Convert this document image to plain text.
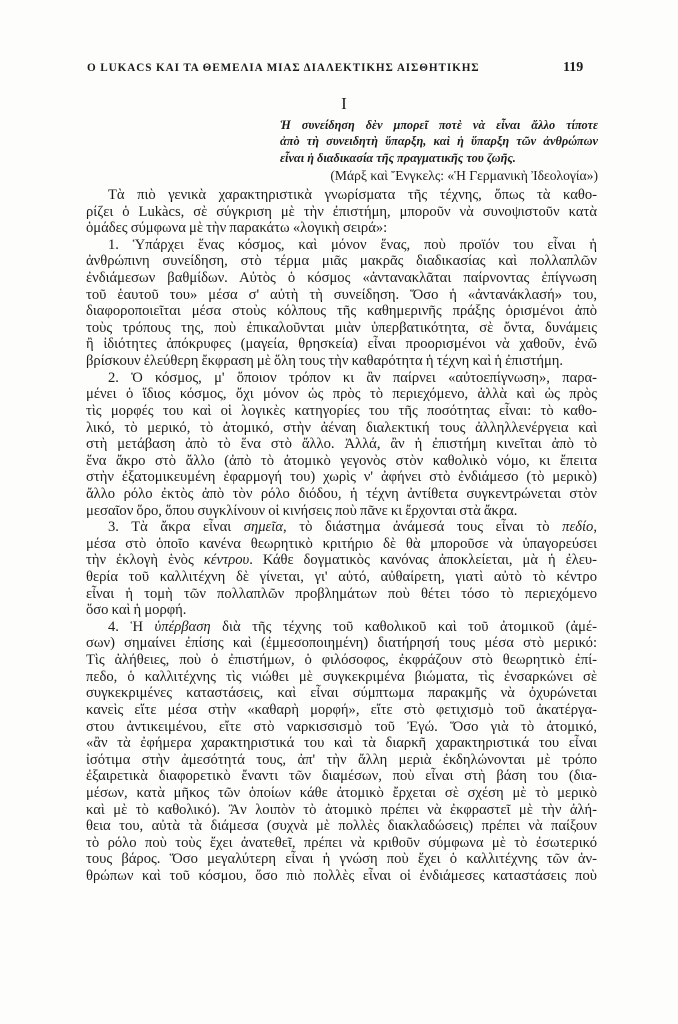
Ο LUKACS ΚΑΙ ΤΑ ΘΕΜΕΛΙΑ ΜΙΑΣ ΔΙΑΛΕΚΤΙΚΗΣ ΑΙΣΘΗΤΙΚΗΣ	119
I
Ἡ συνείδηση δὲν μπορεῖ ποτὲ νὰ εἶναι ἄλλο τίποτε
ἀπὸ τὴ συνειδητὴ ὕπαρξη, καὶ ἡ ὕπαρξη τῶν ἀνθρώπων
εἶναι ἡ διαδικασία τῆς πραγματικῆς του ζωῆς.
(Μάρξ καὶ Ἔνγκελς: «Ἡ Γερμανικὴ Ἰδεολογία»)
Τὰ πιὸ γενικὰ χαρακτηριστικὰ γνωρίσματα τῆς τέχνης, ὅπως τὰ καθο-
ρίζει ὁ Lukàcs, σὲ σύγκριση μὲ τὴν ἐπιστήμη, μποροῦν νὰ συνοψιστοῦν κατὰ
ὁμάδες σύμφωνα μὲ τὴν παρακάτω «λογικὴ σειρά»:
1. Ὑπάρχει ἕνας κόσμος, καὶ μόνον ἕνας, ποὺ προϊόν του εἶναι ἡ
ἀνθρώπινη συνείδηση, στὸ τέρμα μιᾶς μακρᾶς διαδικασίας καὶ πολλαπλῶν
ἐνδιάμεσων βαθμίδων. Αὐτὸς ὁ κόσμος «ἀντανακλᾶται παίρνοντας ἐπίγνωση
τοῦ ἑαυτοῦ του» μέσα σ' αὐτὴ τὴ συνείδηση. Ὅσο ἡ «ἀντανάκλασή» του,
διαφοροποιεῖται μέσα στοὺς κόλπους τῆς καθημερινῆς πράξης ὁρισμένοι ἀπὸ
τοὺς τρόπους της, ποὺ ἐπικαλοῦνται μιὰν ὑπερβατικότητα, σὲ ὄντα, δυνάμεις
ἢ ἰδιότητες ἀπόκρυφες (μαγεία, θρησκεία) εἶναι προορισμένοι νὰ χαθοῦν, ἐνῶ
βρίσκουν ἐλεύθερη ἔκφραση μὲ ὅλη τους τὴν καθαρότητα ἡ τέχνη καὶ ἡ ἐπιστήμη.
2. Ὁ κόσμος, μ' ὅποιον τρόπον κι ἂν παίρνει «αὐτοεπίγνωση», παρα-
μένει ὁ ἴδιος κόσμος, ὄχι μόνον ὡς πρὸς τὸ περιεχόμενο, ἀλλὰ καὶ ὡς πρὸς
τὶς μορφές του καὶ οἱ λογικὲς κατηγορίες του τῆς ποσότητας εἶναι: τὸ καθο-
λικό, τὸ μερικό, τὸ ἀτομικό, στὴν ἀέναη διαλεκτική τους ἀλληλλενέργεια καὶ
στὴ μετάβαση ἀπὸ τὸ ἕνα στὸ ἄλλο. Ἀλλά, ἂν ἡ ἐπιστήμη κινεῖται ἀπὸ τὸ
ἕνα ἄκρο στὸ ἄλλο (ἀπὸ τὸ ἀτομικὸ γεγονὸς στὸν καθολικὸ νόμο, κι ἔπειτα
στὴν ἐξατομικευμένη ἐφαρμογή του) χωρὶς ν' ἀφήνει στὸ ἐνδιάμεσο (τὸ μερικὸ)
ἄλλο ρόλο ἐκτὸς ἀπὸ τὸν ρόλο διόδου, ἡ τέχνη ἀντίθετα συγκεντρώνεται στὸν
μεσαῖον ὅρο, ὅπου συγκλίνουν οἱ κινήσεις ποὺ πᾶνε κι ἔρχονται στὰ ἄκρα.
3. Τὰ ἄκρα εἶναι σημεῖα, τὸ διάστημα ἀνάμεσά τους εἶναι τὸ πεδίο,
μέσα στὸ ὁποῖο κανένα θεωρητικὸ κριτήριο δὲ θὰ μποροῦσε νὰ ὑπαγορεύσει
τὴν ἐκλογὴ ἑνὸς κέντρου. Κάθε δογματικὸς κανόνας ἀποκλείεται, μὰ ἡ ἐλευ-
θερία τοῦ καλλιτέχνη δὲ γίνεται, γι' αὐτό, αὐθαίρετη, γιατὶ αὐτὸ τὸ κέντρο
εἶναι ἡ τομὴ τῶν πολλαπλῶν προβλημάτων ποὺ θέτει τόσο τὸ περιεχόμενο
ὅσο καὶ ἡ μορφή.
4. Ἡ ὑπέρβαση διὰ τῆς τέχνης τοῦ καθολικοῦ καὶ τοῦ ἀτομικοῦ (ἀμέ-
σων) σημαίνει ἐπίσης καὶ (ἐμμεσοποιημένη) διατήρησή τους μέσα στὸ μερικό:
Τὶς ἀλήθειες, ποὺ ὁ ἐπιστήμων, ὁ φιλόσοφος, ἐκφράζουν στὸ θεωρητικὸ ἐπί-
πεδο, ὁ καλλιτέχνης τὶς νιώθει μὲ συγκεκριμένα βιώματα, τὶς ἐνσαρκώνει σὲ
συγκεκριμένες καταστάσεις, καὶ εἶναι σύμπτωμα παρακμῆς νὰ ὀχυρώνεται
κανεὶς εἴτε μέσα στὴν «καθαρὴ μορφή», εἴτε στὸ φετιχισμὸ τοῦ ἀκατέργα-
στου ἀντικειμένου, εἴτε στὸ ναρκισσισμὸ τοῦ Ἐγώ. Ὅσο γιὰ τὸ ἀτομικό,
«ἂν τὰ ἐφήμερα χαρακτηριστικά του καὶ τὰ διαρκῆ χαρακτηριστικά του εἶναι
ἰσότιμα στὴν ἀμεσότητά τους, ἀπ' τὴν ἄλλη μεριὰ ἐκδηλώνονται μὲ τρόπο
ἐξαιρετικὰ διαφορετικὸ ἔναντι τῶν διαμέσων, ποὺ εἶναι στὴ βάση του (δια-
μέσων, κατὰ μῆκος τῶν ὁποίων κάθε ἀτομικὸ ἔρχεται σὲ σχέση μὲ τὸ μερικὸ
καὶ μὲ τὸ καθολικό). Ἂν λοιπὸν τὸ ἀτομικὸ πρέπει νὰ ἐκφραστεῖ μὲ τὴν ἀλή-
θεια του, αὐτὰ τὰ διάμεσα (συχνὰ μὲ πολλὲς διακλαδώσεις) πρέπει νὰ παίξουν
τὸ ρόλο ποὺ τοὺς ἔχει ἀνατεθεῖ, πρέπει νὰ κριθοῦν σύμφωνα μὲ τὸ ἐσωτερικό
τους βάρος. Ὅσο μεγαλύτερη εἶναι ἡ γνώση ποὺ ἔχει ὁ καλλιτέχνης τῶν ἀν-
θρώπων καὶ τοῦ κόσμου, ὅσο πιὸ πολλὲς εἶναι οἱ ἐνδιάμεσες καταστάσεις ποὺ
